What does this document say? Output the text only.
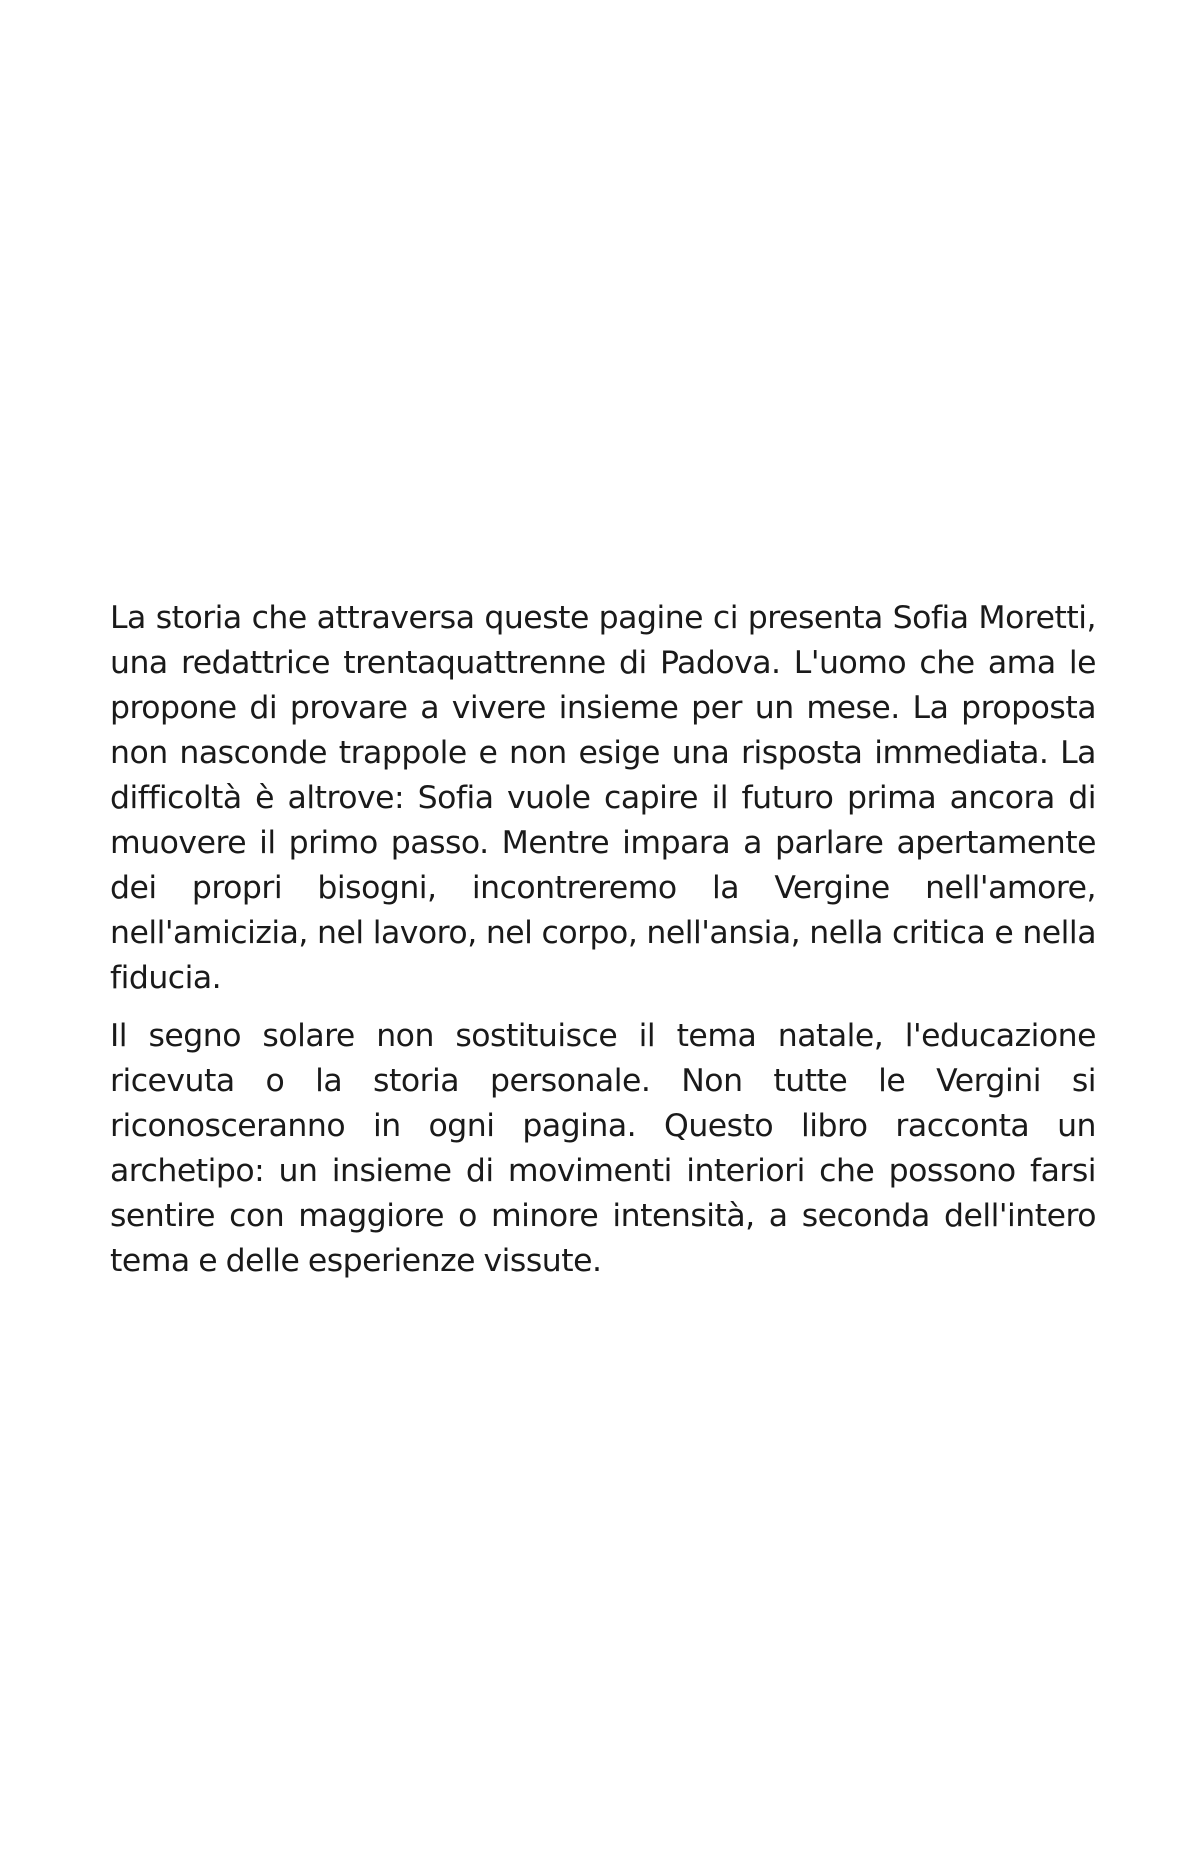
La storia che attraversa queste pagine ci presenta Sofia Moretti, una redattrice trentaquattrenne di Padova. L'uomo che ama le propone di provare a vivere insieme per un mese. La proposta non nasconde trappole e non esige una risposta immediata. La difficoltà è altrove: Sofia vuole capire il futuro prima ancora di muovere il primo passo. Mentre impara a parlare apertamente dei propri bisogni, incontreremo la Vergine nell'amore, nell'amicizia, nel lavoro, nel corpo, nell'ansia, nella critica e nella fiducia.

Il segno solare non sostituisce il tema natale, l'educazione ricevuta o la storia personale. Non tutte le Vergini si riconosceranno in ogni pagina. Questo libro racconta un archetipo: un insieme di movimenti interiori che possono farsi sentire con maggiore o minore intensità, a seconda dell'intero tema e delle esperienze vissute.
